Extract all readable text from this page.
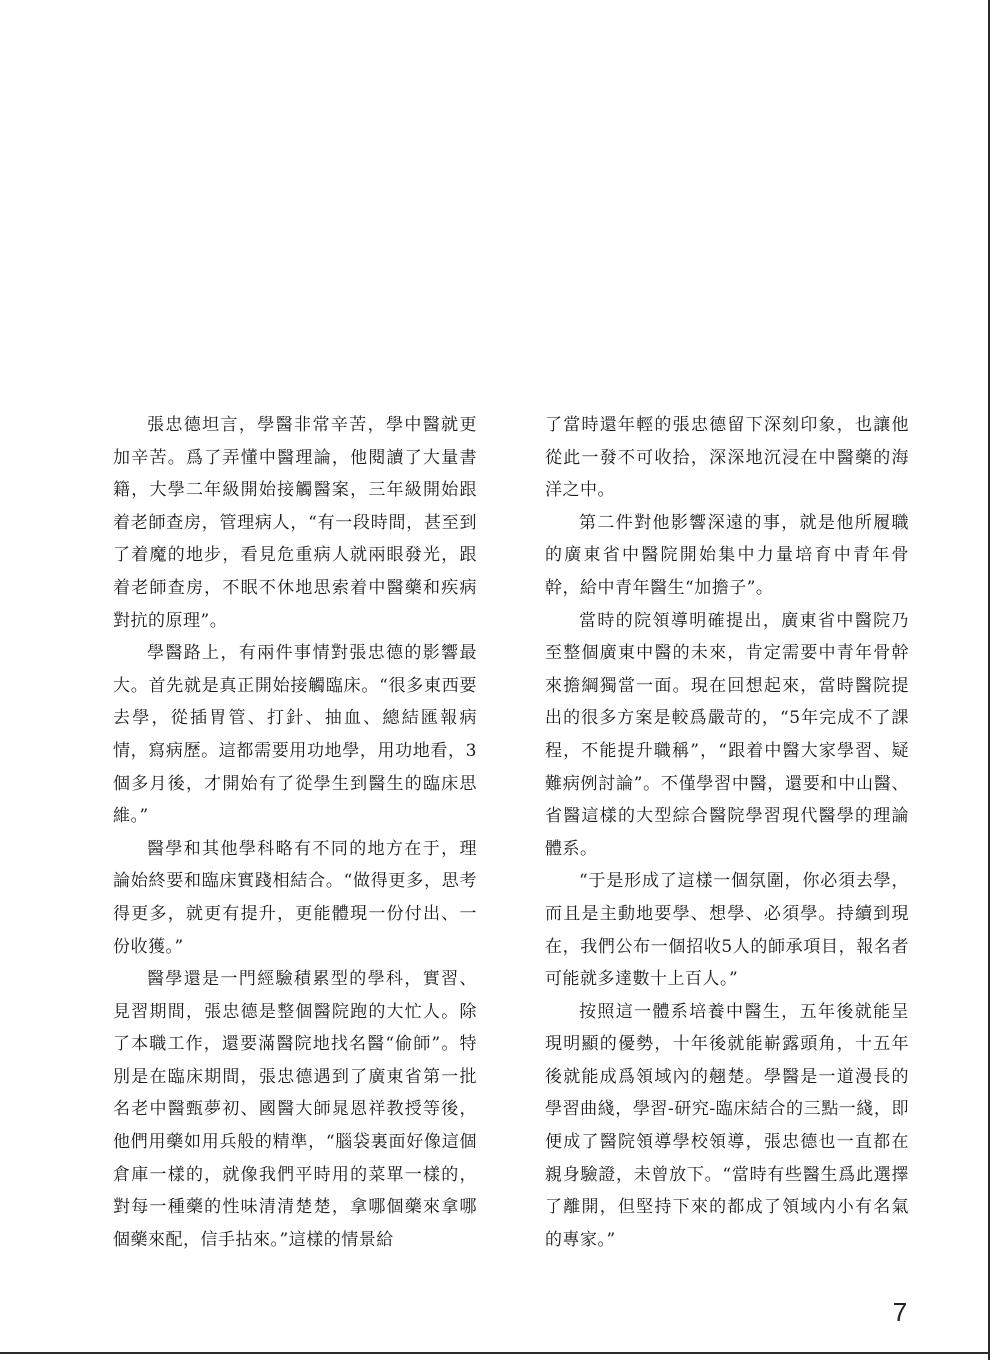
張忠德坦言，學醫非常辛苦，學中醫就更加辛苦。爲了弄懂中醫理論，他閱讀了大量書籍，大學二年級開始接觸醫案，三年級開始跟着老師查房，管理病人，“有一段時間，甚至到了着魔的地步，看見危重病人就兩眼發光，跟着老師查房，不眠不休地思索着中醫藥和疾病對抗的原理”。

學醫路上，有兩件事情對張忠德的影響最大。首先就是真正開始接觸臨床。“很多東西要去學，從插胃管、打針、抽血、總結匯報病情，寫病歷。這都需要用功地學，用功地看，3個多月後，才開始有了從學生到醫生的臨床思維。”

醫學和其他學科略有不同的地方在于，理論始終要和臨床實踐相結合。“做得更多，思考得更多，就更有提升，更能體現一份付出、一份收獲。”

醫學還是一門經驗積累型的學科，實習、見習期間，張忠德是整個醫院跑的大忙人。除了本職工作，還要滿醫院地找名醫“偷師”。特別是在臨床期間，張忠德遇到了廣東省第一批名老中醫甄夢初、國醫大師晁恩祥教授等後，他們用藥如用兵般的精準，“腦袋裏面好像這個倉庫一樣的，就像我們平時用的菜單一樣的，對每一種藥的性味清清楚楚，拿哪個藥來拿哪個藥來配，信手拈來。”這樣的情景給

了當時還年輕的張忠德留下深刻印象，也讓他從此一發不可收拾，深深地沉浸在中醫藥的海洋之中。

第二件對他影響深遠的事，就是他所履職的廣東省中醫院開始集中力量培育中青年骨幹，給中青年醫生“加擔子”。

當時的院領導明確提出，廣東省中醫院乃至整個廣東中醫的未來，肯定需要中青年骨幹來擔綱獨當一面。現在回想起來，當時醫院提出的很多方案是較爲嚴苛的，“5年完成不了課程，不能提升職稱”，“跟着中醫大家學習、疑難病例討論”。不僅學習中醫，還要和中山醫、省醫這樣的大型綜合醫院學習現代醫學的理論體系。

“于是形成了這樣一個氛圍，你必須去學，而且是主動地要學、想學、必須學。持續到現在，我們公布一個招收5人的師承項目，報名者可能就多達數十上百人。”

按照這一體系培養中醫生，五年後就能呈現明顯的優勢，十年後就能嶄露頭角，十五年後就能成爲領域內的翹楚。學醫是一道漫長的學習曲綫，學習-研究-臨床結合的三點一綫，即便成了醫院領導學校領導，張忠德也一直都在親身驗證，未曾放下。“當時有些醫生爲此選擇了離開，但堅持下來的都成了領域内小有名氣的專家。”

7
